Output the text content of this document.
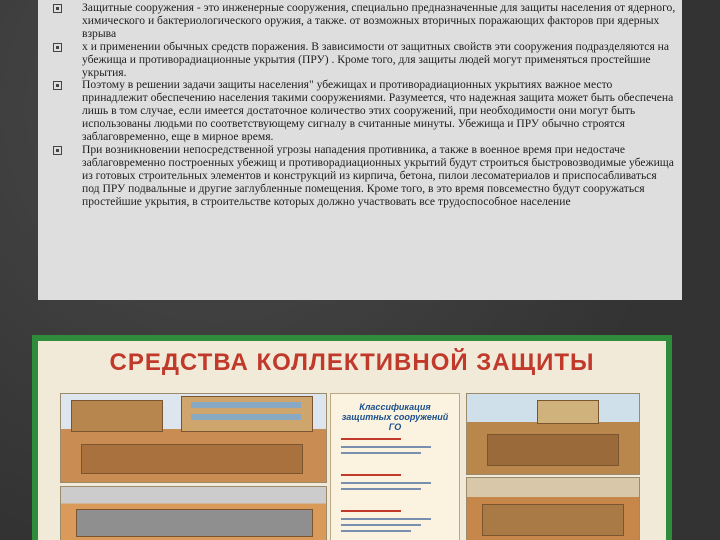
Защитные сооружения - это инженерные сооружения, специально предназначенные для защиты населения от ядерного, химического и бактериологического оружия, а также. от возможных вторичных поражающих факторов при ядерных взрыва
х и применении обычных средств поражения. В зависимости от защитных свойств эти сооружения подразделяются на убежища и противорадиационные укрытия (ПРУ) . Кроме того, для защиты людей могут применяться простейшие укрытия.
Поэтому в решении задачи защиты населения" убежищах и противорадиационных укрытиях важное место принадлежит обеспечению населения такими сооружениями. Разумеется, что надежная защита может быть обеспечена лишь в том случае, если имеется достаточное количество этих сооружений, при необходимости они могут быть использованы людьми по соответствующему сигналу в считанные минуты. Убежища и ПРУ обычно строятся заблаговременно, еще в мирное время.
При возникновении непосредственной угрозы нападения противника, а также в военное время при недостаче заблаговременно построенных убежищ и противорадиационных укрытий будут строиться быстровозводимые убежища из готовых строительных элементов и конструкций из кирпича, бетона, пилои лесоматериалов и приспосабливаться под ПРУ подвальные и другие заглубленные помещения. Кроме того, в это время повсеместно будут сооружаться простейшие укрытия, в строительстве которых должно участвовать все трудоспособное население
СРЕДСТВА КОЛЛЕКТИВНОЙ ЗАЩИТЫ
Классификация защитных сооружений ГО
